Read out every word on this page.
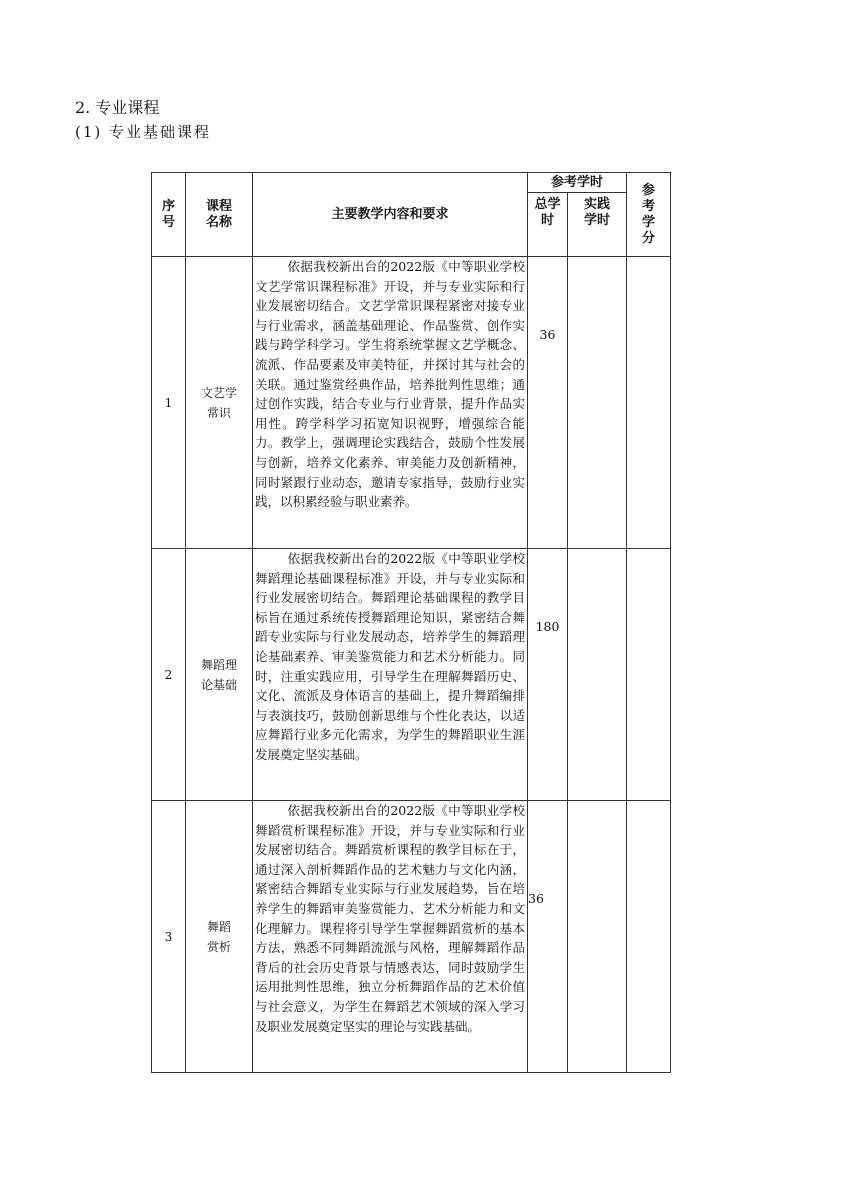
2. 专业课程
(1) 专业基础课程
序号	课程名称	主要教学内容和要求	参考学时		参考学分

			总学时	实践学时	

1	文艺学常识	依据我校新出台的2022版《中等职业学校文艺学常识课程标准》开设，并与专业实际和行业发展密切结合。文艺学常识课程紧密对接专业与行业需求，涵盖基础理论、作品鉴赏、创作实践与跨学科学习。学生将系统掌握文艺学概念、流派、作品要素及审美特征，并探讨其与社会的关联。通过鉴赏经典作品，培养批判性思维；通过创作实践，结合专业与行业背景，提升作品实用性。跨学科学习拓宽知识视野，增强综合能力。教学上，强调理论实践结合，鼓励个性发展与创新，培养文化素养、审美能力及创新精神，同时紧跟行业动态，邀请专家指导，鼓励行业实践，以积累经验与职业素养。	36		

2	舞蹈理论基础	依据我校新出台的2022版《中等职业学校舞蹈理论基础课程标准》开设，并与专业实际和行业发展密切结合。舞蹈理论基础课程的教学目标旨在通过系统传授舞蹈理论知识，紧密结合舞蹈专业实际与行业发展动态，培养学生的舞蹈理论基础素养、审美鉴赏能力和艺术分析能力。同时，注重实践应用，引导学生在理解舞蹈历史、文化、流派及身体语言的基础上，提升舞蹈编排与表演技巧，鼓励创新思维与个性化表达，以适应舞蹈行业多元化需求，为学生的舞蹈职业生涯发展奠定坚实基础。	180		

3	舞蹈赏析	依据我校新出台的2022版《中等职业学校舞蹈赏析课程标准》开设，并与专业实际和行业发展密切结合。舞蹈赏析课程的教学目标在于，通过深入剖析舞蹈作品的艺术魅力与文化内涵，紧密结合舞蹈专业实际与行业发展趋势，旨在培养学生的舞蹈审美鉴赏能力、艺术分析能力和文化理解力。课程将引导学生掌握舞蹈赏析的基本方法，熟悉不同舞蹈流派与风格，理解舞蹈作品背后的社会历史背景与情感表达，同时鼓励学生运用批判性思维，独立分析舞蹈作品的艺术价值与社会意义，为学生在舞蹈艺术领域的深入学习及职业发展奠定坚实的理论与实践基础。	36		
